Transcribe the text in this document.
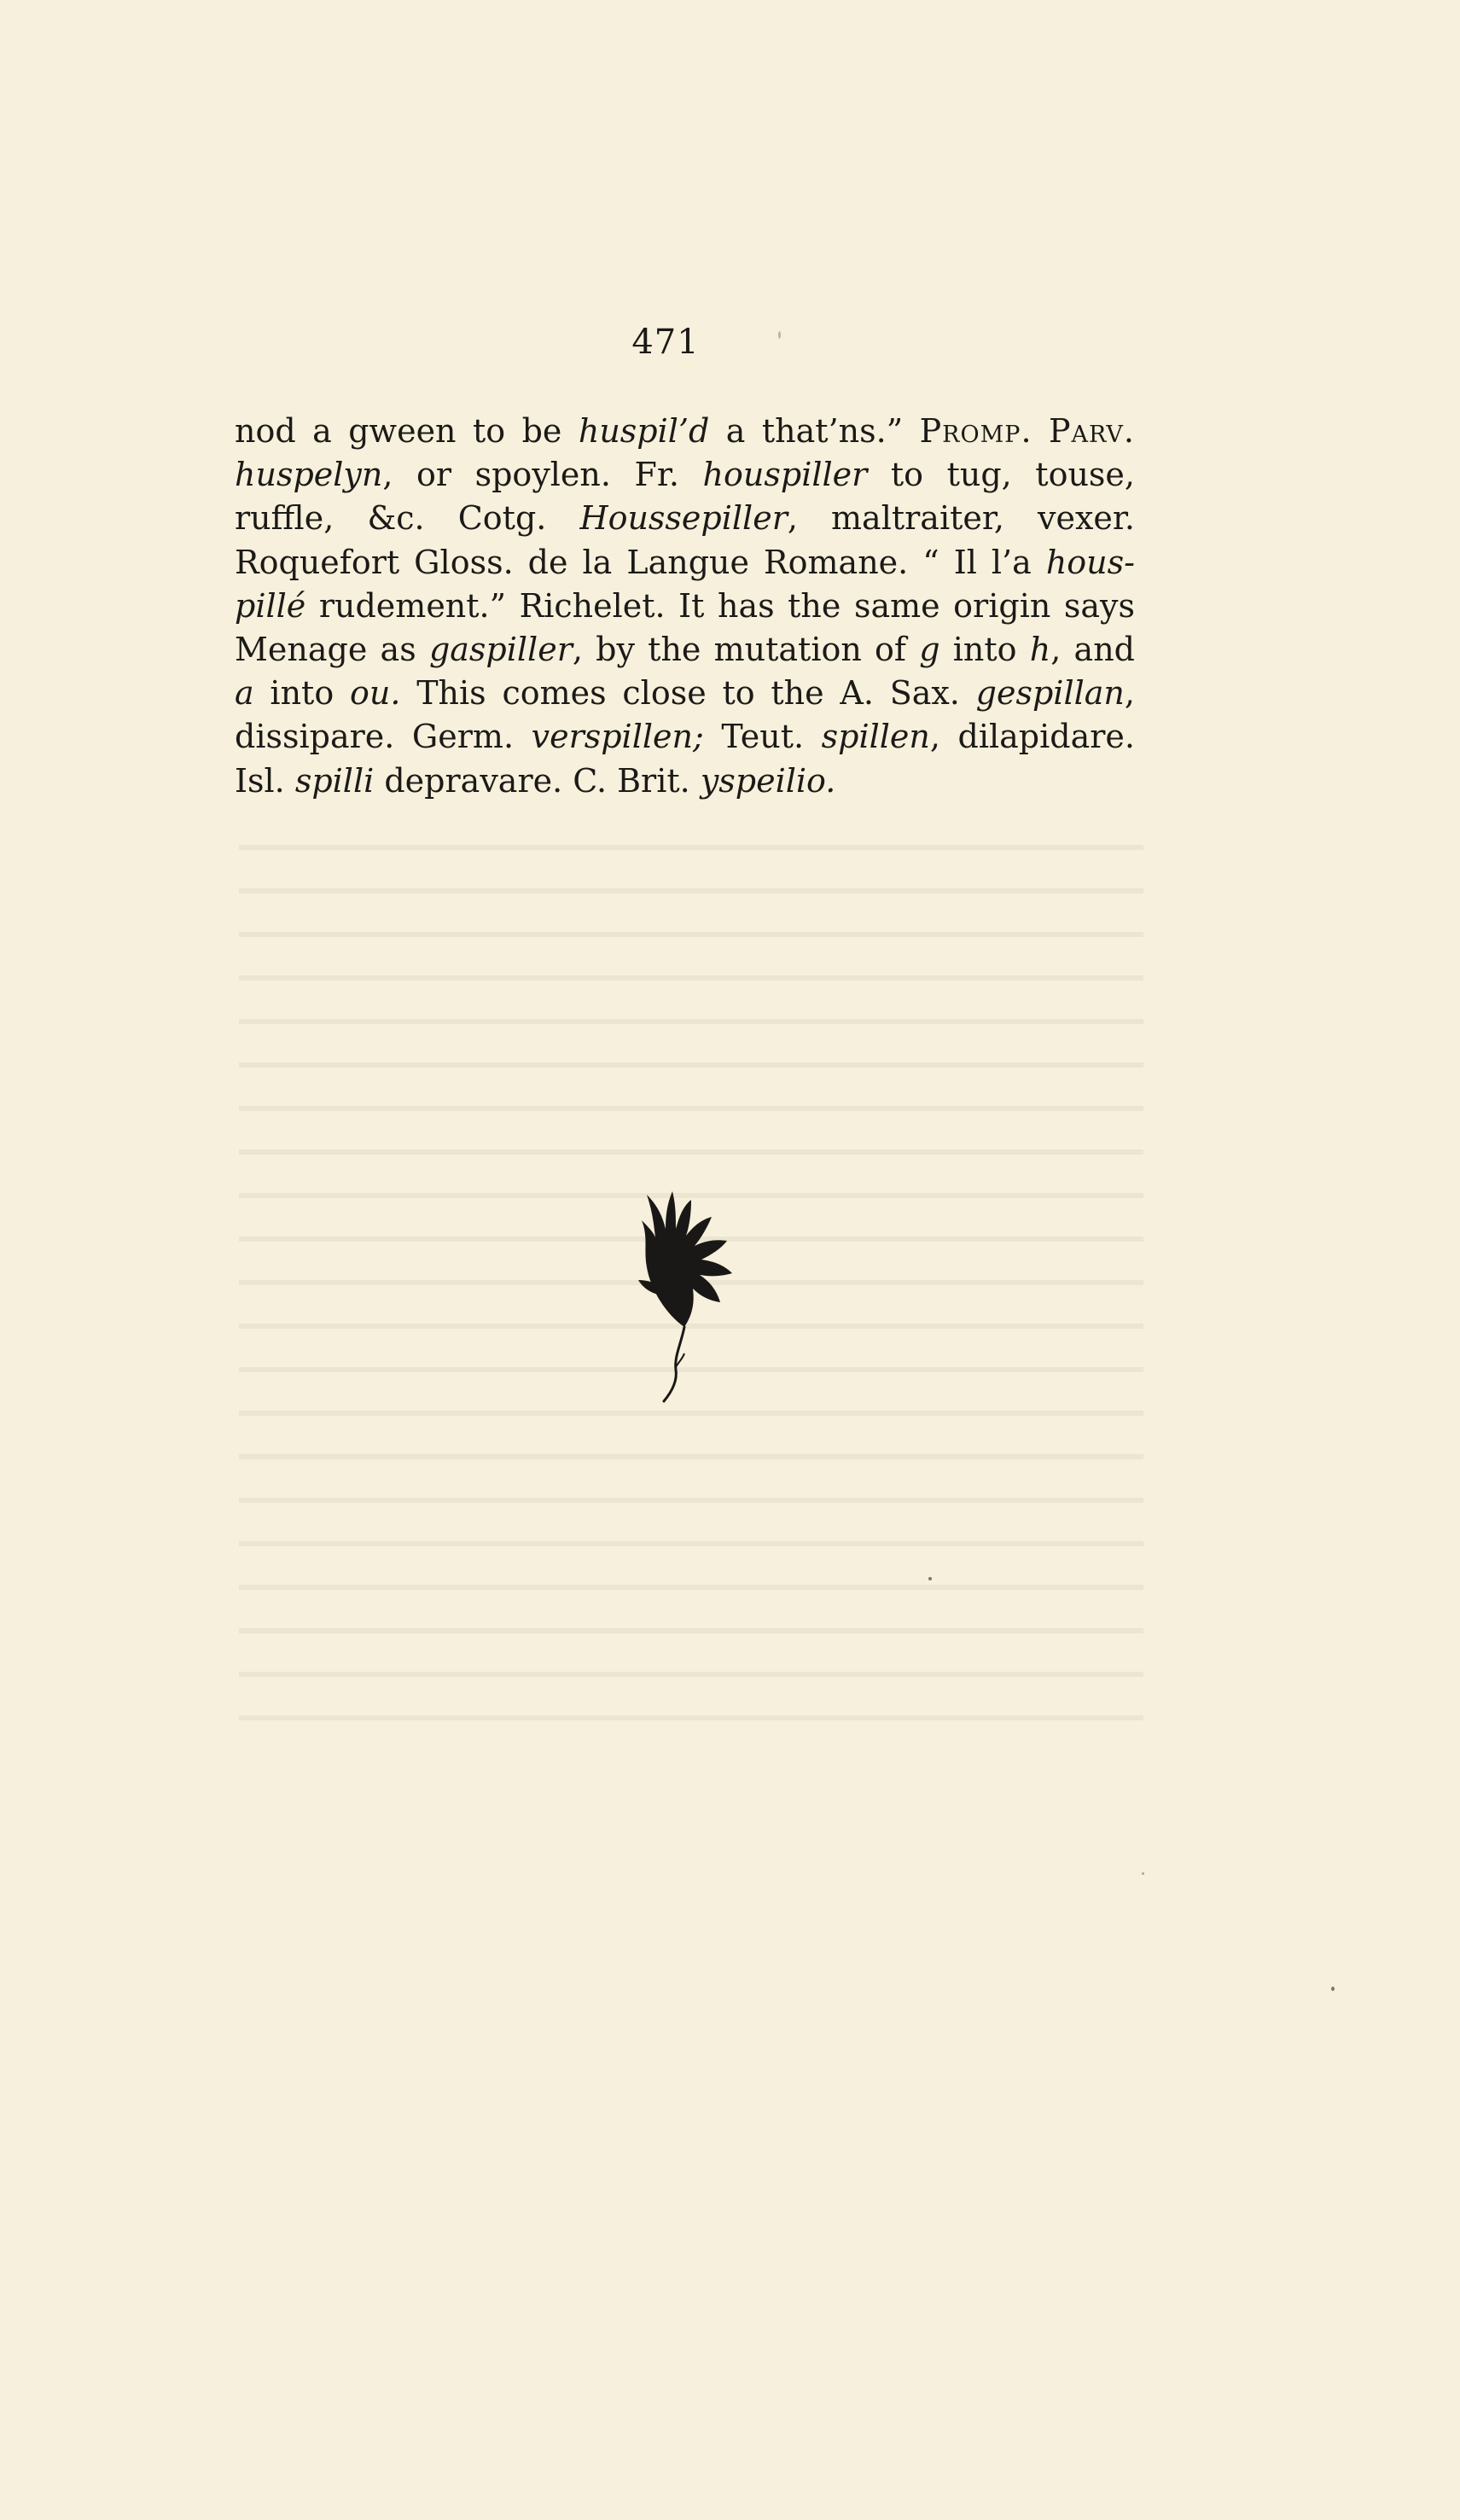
471
nod a gween to be huspil’d a that’ns.” Promp. Parv. huspelyn, or spoylen. Fr. houspiller to tug, touse, ruffle, &c. Cotg. Houssepiller, maltraiter, vexer. Roquefort Gloss. de la Langue Romane. “ Il l’a hous-pillé rudement.” Richelet. It has the same origin says Menage as gaspiller, by the mutation of g into h, and a into ou. This comes close to the A. Sax. gespillan, dissipare. Germ. verspillen; Teut. spillen, dilapidare. Isl. spilli depravare. C. Brit. yspeilio.
